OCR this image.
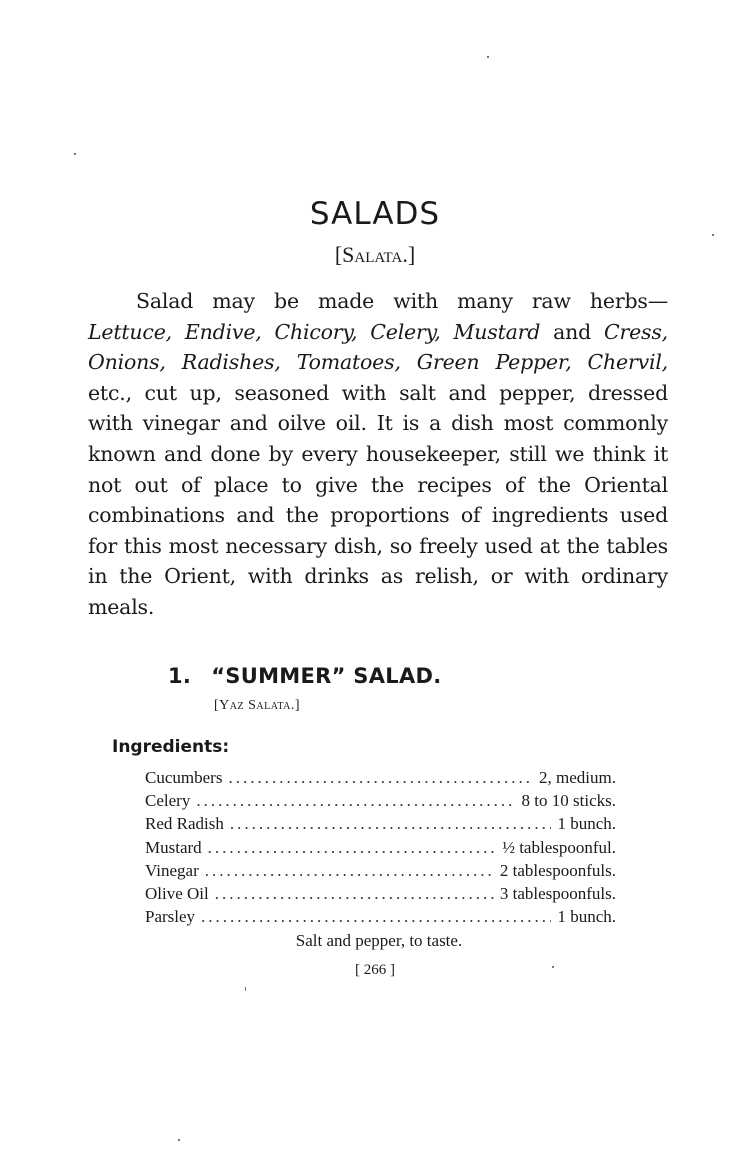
SALADS

[Salata.]

Salad may be made with many raw herbs— Lettuce, Endive, Chicory, Celery, Mustard and Cress, Onions, Radishes, Tomatoes, Green Pepper, Chervil, etc., cut up, seasoned with salt and pepper, dressed with vinegar and oilve oil. It is a dish most commonly known and done by every housekeeper, still we think it not out of place to give the recipes of the Oriental combinations and the proportions of ingredients used for this most necessary dish, so freely used at the tables in the Orient, with drinks as relish, or with ordinary meals.

1. “SUMMER” SALAD.

[Yaz Salata.]

Ingredients:

Cucumbers .....	2, medium.
Celery .....	8 to 10 sticks.
Red Radish .....	1 bunch.
Mustard .....	½ tablespoonful.
Vinegar .....	2 tablespoonfuls.
Olive Oil .....	3 tablespoonfuls.
Parsley .....	1 bunch.

Salt and pepper, to taste.

[ 266 ]
